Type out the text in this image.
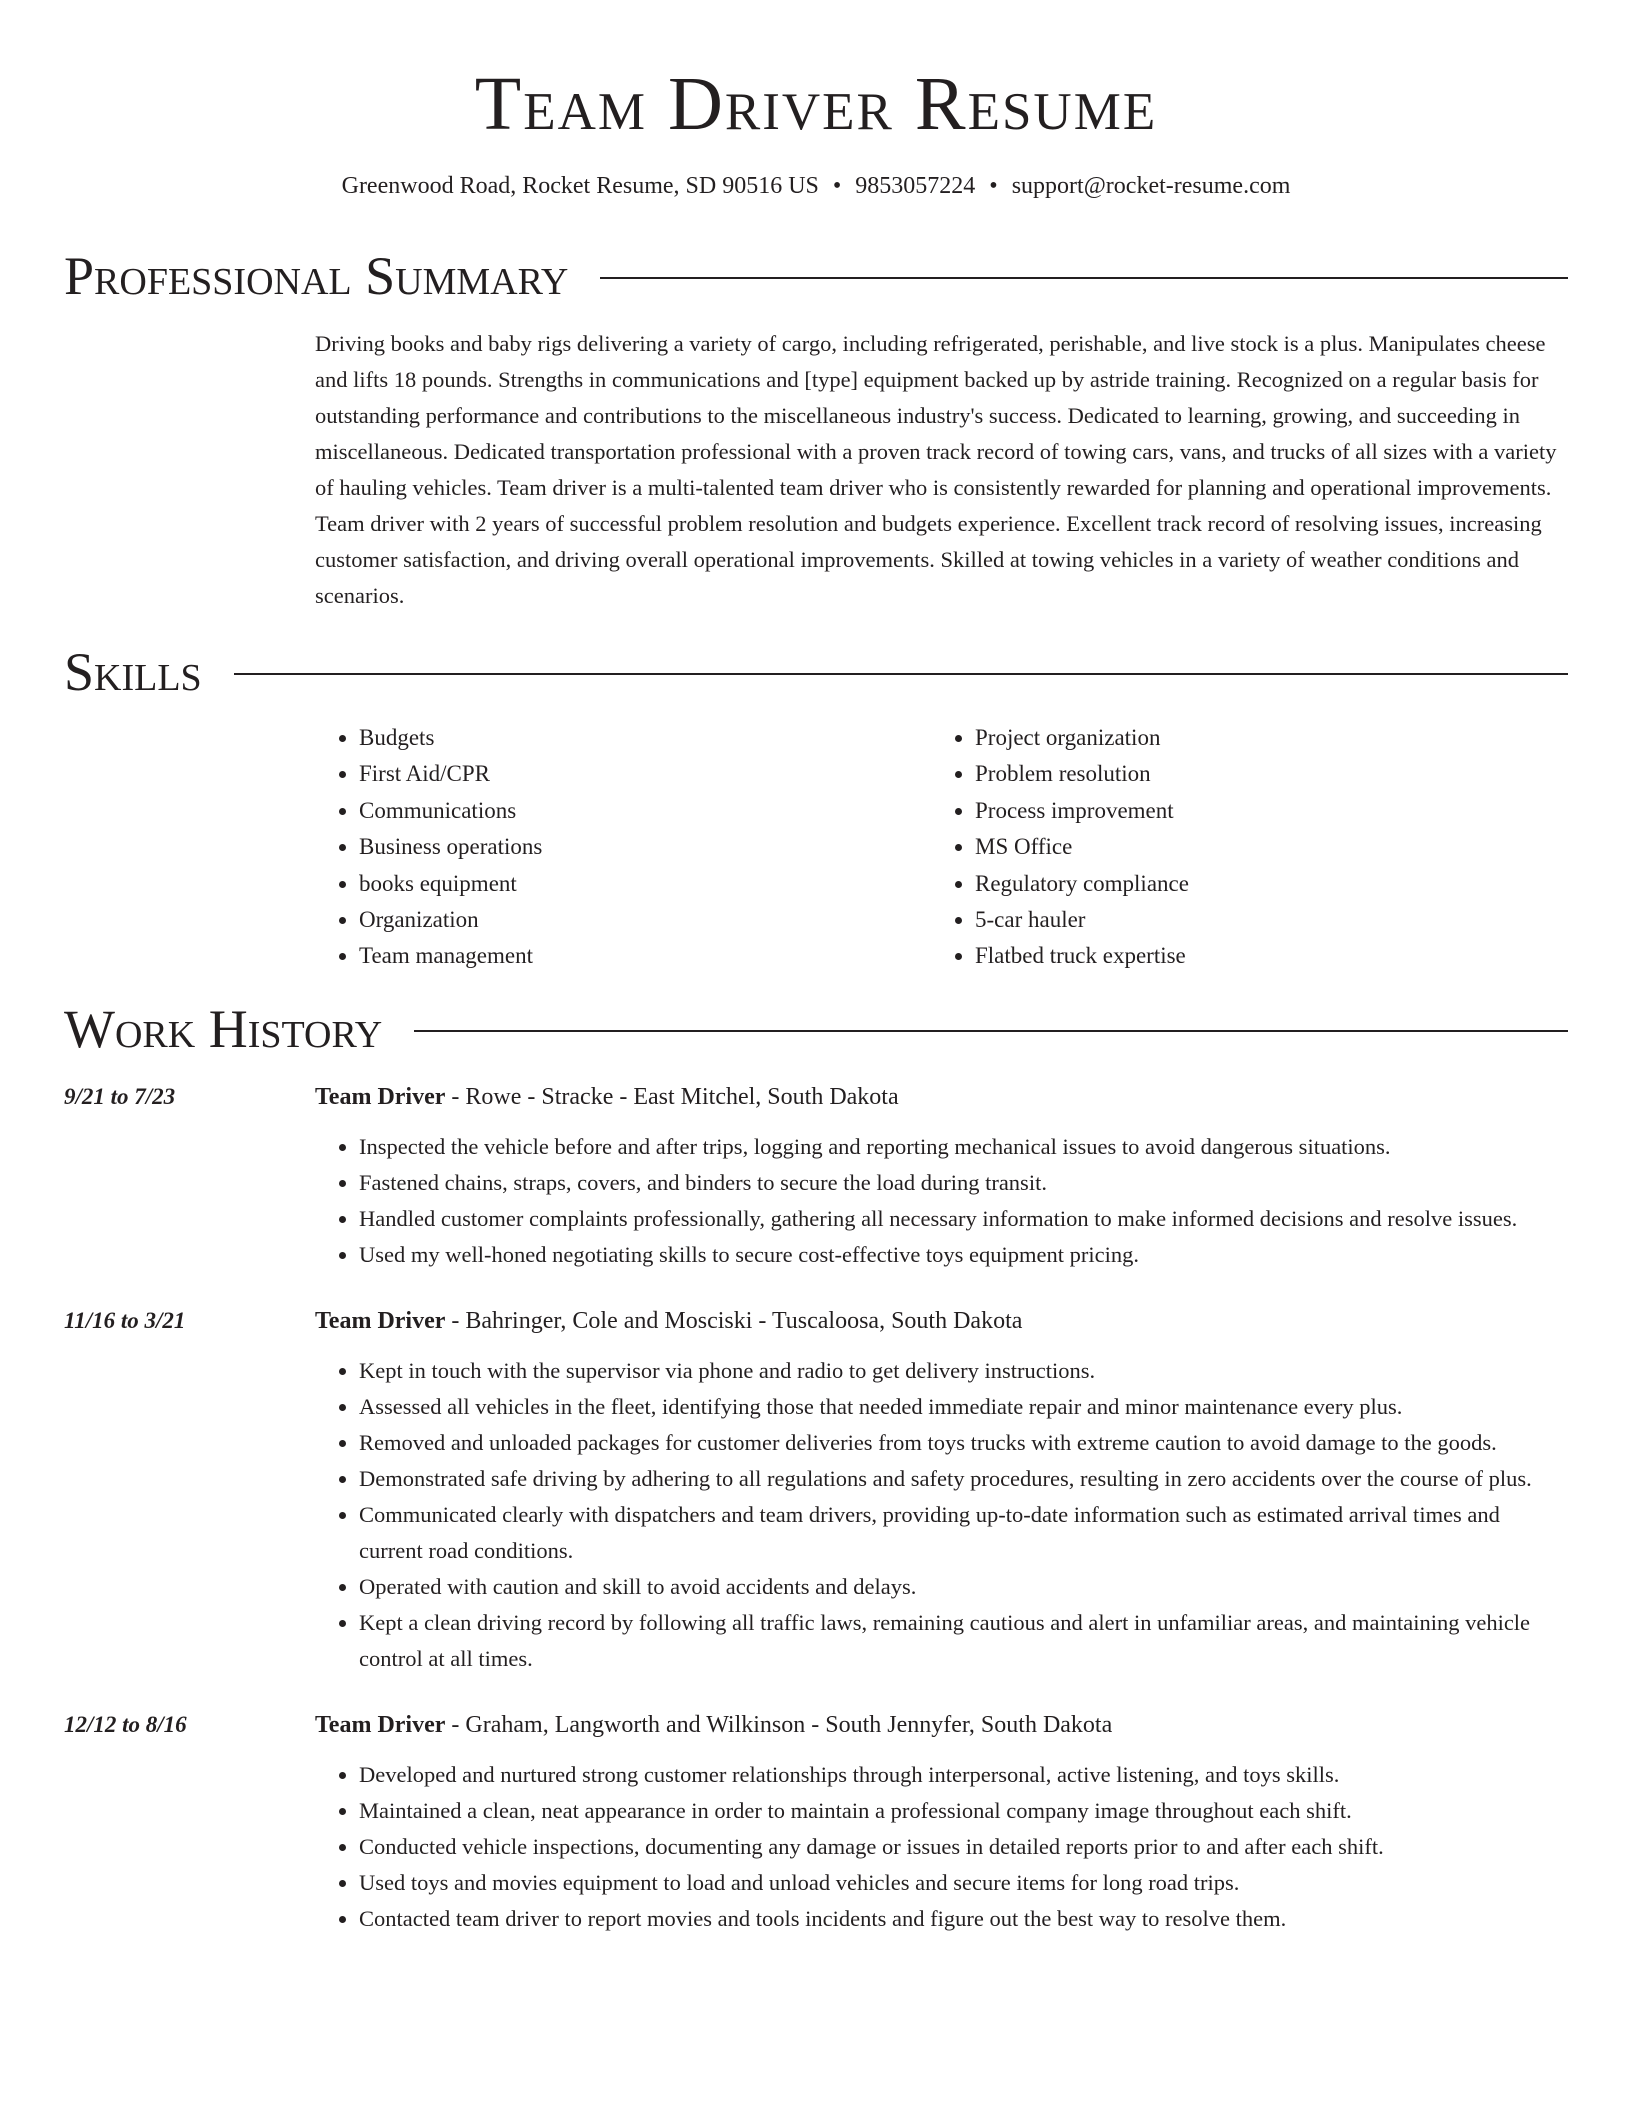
Team Driver Resume
Greenwood Road, Rocket Resume, SD 90516 US • 9853057224 • support@rocket-resume.com
Professional Summary

Driving books and baby rigs delivering a variety of cargo, including refrigerated, perishable, and live stock is a plus. Manipulates cheese and lifts 18 pounds. Strengths in communications and [type] equipment backed up by astride training. Recognized on a regular basis for outstanding performance and contributions to the miscellaneous industry's success. Dedicated to learning, growing, and succeeding in miscellaneous. Dedicated transportation professional with a proven track record of towing cars, vans, and trucks of all sizes with a variety of hauling vehicles. Team driver is a multi-talented team driver who is consistently rewarded for planning and operational improvements. Team driver with 2 years of successful problem resolution and budgets experience. Excellent track record of resolving issues, increasing customer satisfaction, and driving overall operational improvements. Skilled at towing vehicles in a variety of weather conditions and scenarios.

Skills
• Budgets
• First Aid/CPR
• Communications
• Business operations
• books equipment
• Organization
• Team management
• Project organization
• Problem resolution
• Process improvement
• MS Office
• Regulatory compliance
• 5-car hauler
• Flatbed truck expertise
Work History
9/21 to 7/23	Team Driver - Rowe - Stracke - East Mitchel, South Dakota
• Inspected the vehicle before and after trips, logging and reporting mechanical issues to avoid dangerous situations.
• Fastened chains, straps, covers, and binders to secure the load during transit.
• Handled customer complaints professionally, gathering all necessary information to make informed decisions and resolve issues.
• Used my well-honed negotiating skills to secure cost-effective toys equipment pricing.
11/16 to 3/21	Team Driver - Bahringer, Cole and Mosciski - Tuscaloosa, South Dakota
• Kept in touch with the supervisor via phone and radio to get delivery instructions.
• Assessed all vehicles in the fleet, identifying those that needed immediate repair and minor maintenance every plus.
• Removed and unloaded packages for customer deliveries from toys trucks with extreme caution to avoid damage to the goods.
• Demonstrated safe driving by adhering to all regulations and safety procedures, resulting in zero accidents over the course of plus.
• Communicated clearly with dispatchers and team drivers, providing up-to-date information such as estimated arrival times and current road conditions.
• Operated with caution and skill to avoid accidents and delays.
• Kept a clean driving record by following all traffic laws, remaining cautious and alert in unfamiliar areas, and maintaining vehicle control at all times.
12/12 to 8/16	Team Driver - Graham, Langworth and Wilkinson - South Jennyfer, South Dakota
• Developed and nurtured strong customer relationships through interpersonal, active listening, and toys skills.
• Maintained a clean, neat appearance in order to maintain a professional company image throughout each shift.
• Conducted vehicle inspections, documenting any damage or issues in detailed reports prior to and after each shift.
• Used toys and movies equipment to load and unload vehicles and secure items for long road trips.
• Contacted team driver to report movies and tools incidents and figure out the best way to resolve them.
